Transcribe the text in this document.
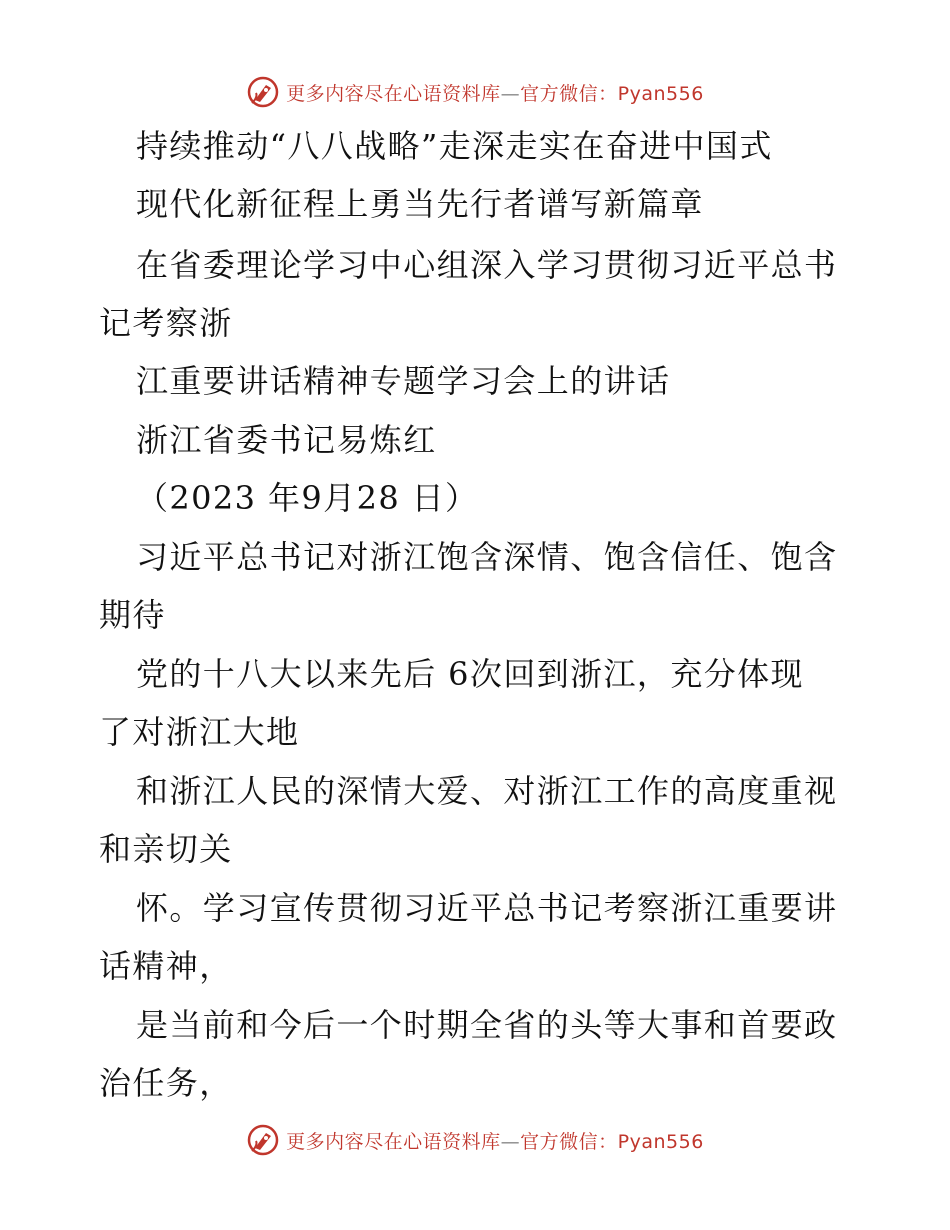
更多内容尽在心语资料库—官方微信：Pyan556
持续推动“八八战略”走深走实在奋进中国式
现代化新征程上勇当先行者谱写新篇章
在省委理论学习中心组深入学习贯彻习近平总书
记考察浙
江重要讲话精神专题学习会上的讲话
浙江省委书记易炼红
（2023 年9月28 日）
习近平总书记对浙江饱含深情、饱含信任、饱含
期待
党的十八大以来先后 6次回到浙江，充分体现
了对浙江大地
和浙江人民的深情大爱、对浙江工作的高度重视
和亲切关
怀。学习宣传贯彻习近平总书记考察浙江重要讲
话精神，
是当前和今后一个时期全省的头等大事和首要政
治任务，
更多内容尽在心语资料库—官方微信：Pyan556
